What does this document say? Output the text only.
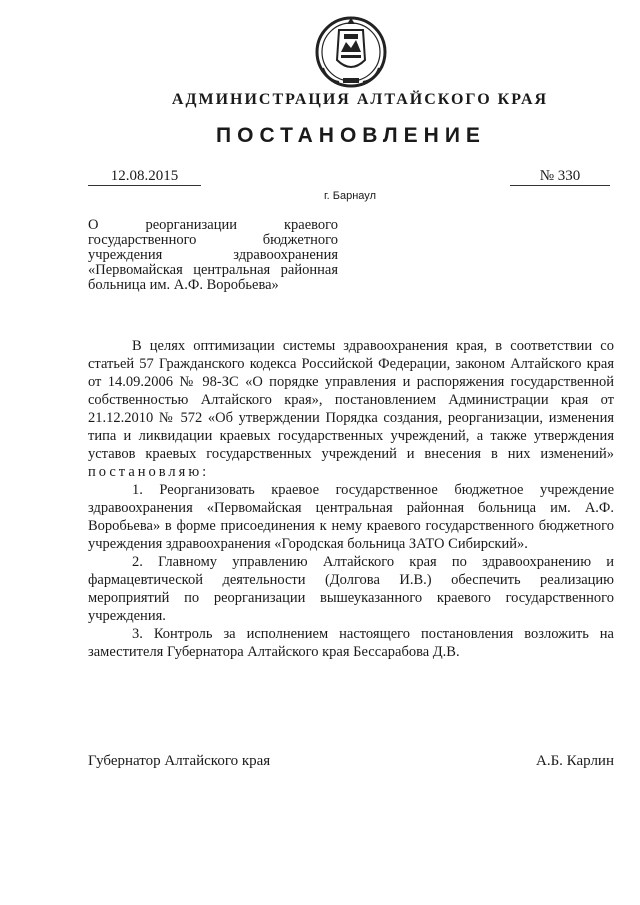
АДМИНИСТРАЦИЯ АЛТАЙСКОГО КРАЯ
ПОСТАНОВЛЕНИЕ
12.08.2015	№ 330
г. Барнаул
О реорганизации краевого государственного бюджетного учреждения здравоохранения «Первомайская центральная районная больница им. А.Ф. Воробьева»

В целях оптимизации системы здравоохранения края, в соответствии со статьей 57 Гражданского кодекса Российской Федерации, законом Алтайского края от 14.09.2006 № 98-ЗС «О порядке управления и распоряжения государственной собственностью Алтайского края», постановлением Администрации края от 21.12.2010 № 572 «Об утверждении Порядка создания, реорганизации, изменения типа и ликвидации краевых государственных учреждений, а также утверждения уставов краевых государственных учреждений и внесения в них изменений» постановляю:

1. Реорганизовать краевое государственное бюджетное учреждение здравоохранения «Первомайская центральная районная больница им. А.Ф. Воробьева» в форме присоединения к нему краевого государственного бюджетного учреждения здравоохранения «Городская больница ЗАТО Сибирский».

2. Главному управлению Алтайского края по здравоохранению и фармацевтической деятельности (Долгова И.В.) обеспечить реализацию мероприятий по реорганизации вышеуказанного краевого государственного учреждения.

3. Контроль за исполнением настоящего постановления возложить на заместителя Губернатора Алтайского края Бессарабова Д.В.

Губернатор Алтайского края	А.Б. Карлин
